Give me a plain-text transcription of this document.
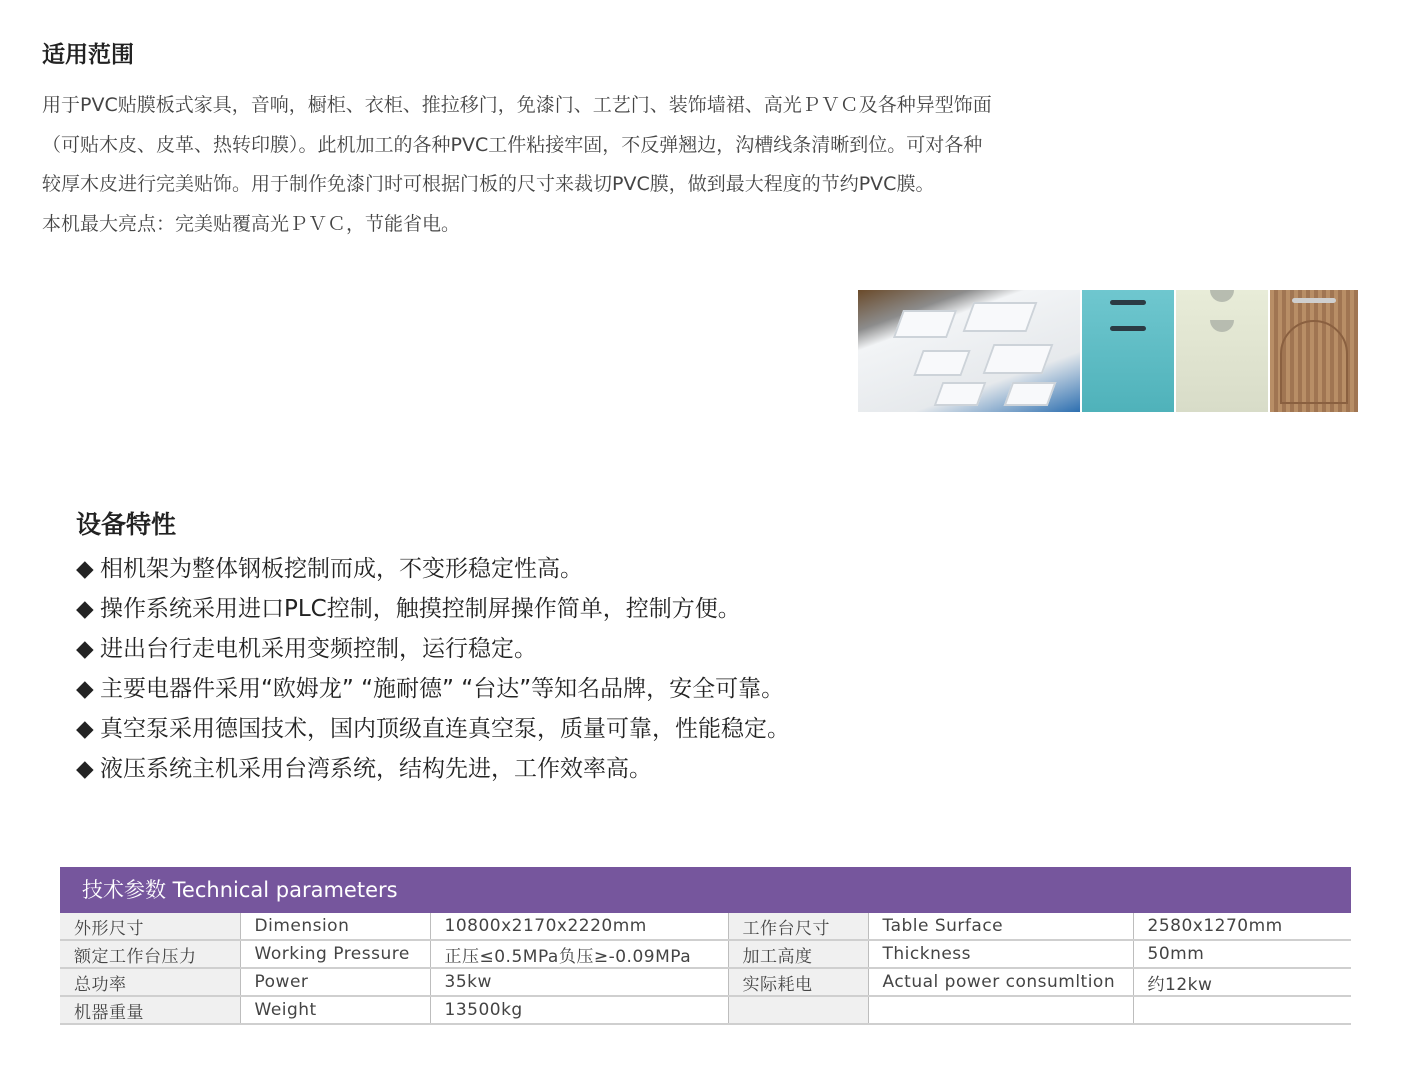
适用范围
用于PVC贴膜板式家具，音响，橱柜、衣柜、推拉移门，免漆门、工艺门、装饰墙裙、高光ＰＶＣ及各种异型饰面
（可贴木皮、皮革、热转印膜）。此机加工的各种PVC工件粘接牢固，不反弹翘边，沟槽线条清晰到位。可对各种
较厚木皮进行完美贴饰。用于制作免漆门时可根据门板的尺寸来裁切PVC膜，做到最大程度的节约PVC膜。
本机最大亮点：完美贴覆高光ＰＶＣ，节能省电。
设备特性
◆ 相机架为整体钢板挖制而成，不变形稳定性高。
◆ 操作系统采用进口PLC控制，触摸控制屏操作简单，控制方便。
◆ 进出台行走电机采用变频控制，运行稳定。
◆ 主要电器件采用“欧姆龙” “施耐德” “台达”等知名品牌，安全可靠。
◆ 真空泵采用德国技术，国内顶级直连真空泵，质量可靠，性能稳定。
◆ 液压系统主机采用台湾系统，结构先进，工作效率高。
技术参数 Technical parameters
外形尺寸	Dimension	10800x2170x2220mm	工作台尺寸	Table Surface	2580x1270mm
额定工作台压力	Working Pressure	正压≤0.5MPa负压≥-0.09MPa	加工高度	Thickness	50mm
总功率	Power	35kw	实际耗电	Actual power consumltion	约12kw
机器重量	Weight	13500kg			
